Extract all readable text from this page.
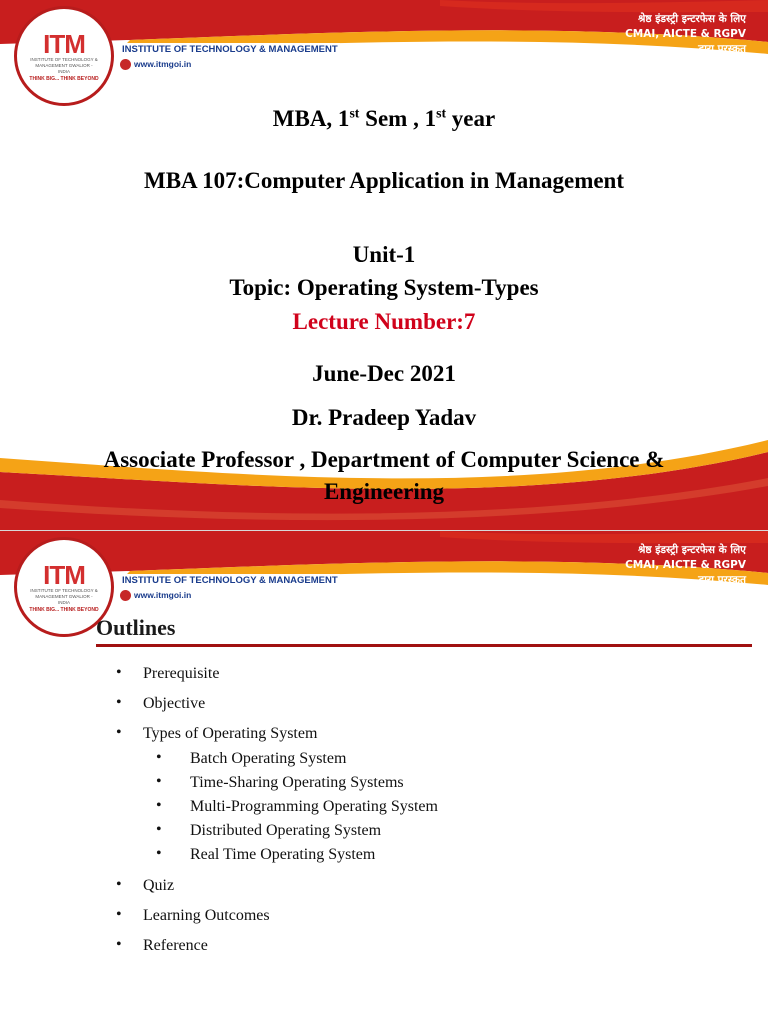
ITM
INSTITUTE OF TECHNOLOGY & MANAGEMENT GWALIOR - INDIA
THINK BIG... THINK BEYOND
INSTITUTE OF TECHNOLOGY & MANAGEMENT
www.itmgoi.in
श्रेष्ठ इंडस्ट्री इन्टरफेस के लिए
CMAI, AICTE & RGPV
द्वारा पुरस्कृत
MBA, 1st Sem , 1st year
MBA 107:Computer Application in Management
Unit-1
Topic: Operating System-Types
Lecture Number:7
June-Dec 2021
Dr. Pradeep Yadav
Associate Professor , Department of Computer Science &
Engineering
ITM
INSTITUTE OF TECHNOLOGY & MANAGEMENT GWALIOR - INDIA
THINK BIG... THINK BEYOND
INSTITUTE OF TECHNOLOGY & MANAGEMENT
www.itmgoi.in
श्रेष्ठ इंडस्ट्री इन्टरफेस के लिए
CMAI, AICTE & RGPV
द्वारा पुरस्कृत
Outlines
• Prerequisite
• Objective
• Types of Operating System
• Batch Operating System
• Time-Sharing Operating Systems
• Multi-Programming Operating System
• Distributed Operating System
• Real Time Operating System
• Quiz
• Learning Outcomes
• Reference
